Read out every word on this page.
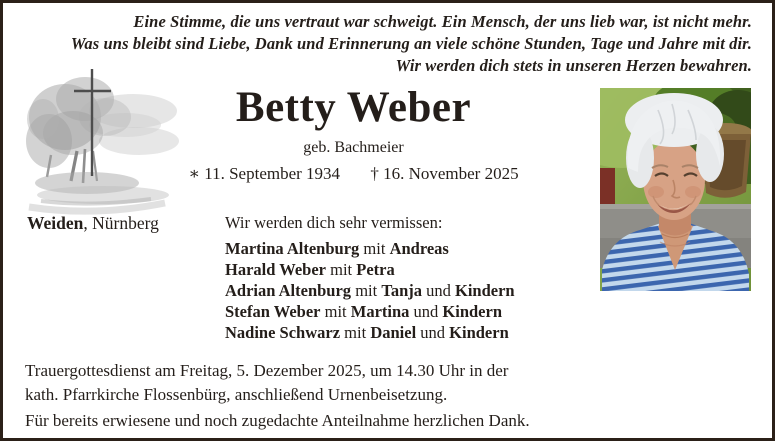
Eine Stimme, die uns vertraut war schweigt. Ein Mensch, der uns lieb war, ist nicht mehr.
Was uns bleibt sind Liebe, Dank und Erinnerung an viele schöne Stunden, Tage und Jahre mit dir.
Wir werden dich stets in unseren Herzen bewahren.
Betty Weber
geb. Bachmeier
∗ 11. September 1934 † 16. November 2025
Weiden, Nürnberg	Wir werden dich sehr vermissen:
Martina Altenburg mit Andreas
Harald Weber mit Petra
Adrian Altenburg mit Tanja und Kindern
Stefan Weber mit Martina und Kindern
Nadine Schwarz mit Daniel und Kindern
Trauergottesdienst am Freitag, 5. Dezember 2025, um 14.30 Uhr in der
kath. Pfarrkirche Flossenbürg, anschließend Urnenbeisetzung.
Für bereits erwiesene und noch zugedachte Anteilnahme herzlichen Dank.
